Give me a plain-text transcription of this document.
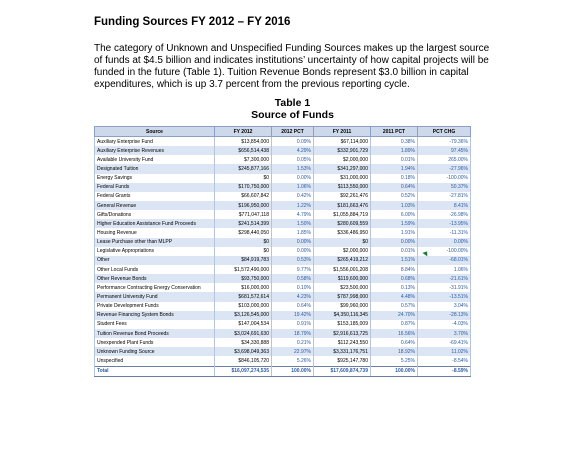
Funding Sources FY 2012 – FY 2016
The category of Unknown and Unspecified Funding Sources makes up the largest source of funds at $4.5 billion and indicates institutions’ uncertainty of how capital projects will be funded in the future (Table 1). Tuition Revenue Bonds represent $3.0 billion in capital expenditures, which is up 3.7 percent from the previous reporting cycle.
Table 1
Source of Funds
Source	FY 2012	2012 PCT	FY 2011	2011 PCT	PCT CHG
Auxiliary Enterprise Fund	$13,854,000	0.09%	$67,114,000	0.38%	-79.36%
Auxiliary Enterprise Revenues	$656,514,438	4.29%	$332,901,729	1.89%	97.45%
Available University Fund	$7,300,000	0.05%	$2,000,000	0.01%	265.00%
Designated Tuition	$245,877,166	1.53%	$341,297,000	1.94%	-27.96%
Energy Savings	$0	0.00%	$31,000,000	0.18%	-100.00%
Federal Funds	$170,750,000	1.06%	$113,550,000	0.64%	50.37%
Federal Grants	$66,607,842	0.42%	$92,261,476	0.52%	-27.81%
General Revenue	$196,950,000	1.22%	$181,663,476	1.03%	8.41%
Gifts/Donations	$771,047,118	4.79%	$1,055,884,719	6.00%	-26.98%
Higher Education Assistance Fund Proceeds	$241,514,399	1.50%	$280,609,559	1.59%	-13.95%
Housing Revenue	$298,440,050	1.85%	$336,486,950	1.91%	-11.31%
Lease Purchase other than MLPP	$0	0.00%	$0	0.00%	0.00%
Legislative Appropriations	$0	0.00%	$2,000,000	0.01%	-100.00%
Other	$84,919,783	0.53%	$265,419,212	1.51%	-68.01%
Other Local Funds	$1,572,490,000	9.77%	$1,556,001,208	8.84%	1.06%
Other Revenue Bonds	$93,750,000	0.58%	$119,600,000	0.68%	-21.61%
Performance Contracting Energy Conservation	$16,000,000	0.10%	$23,500,000	0.13%	-31.91%
Permanent University Fund	$681,572,614	4.23%	$787,998,000	4.48%	-13.51%
Private Development Funds	$103,000,000	0.64%	$99,960,000	0.57%	3.04%
Revenue Financing System Bonds	$3,126,545,000	19.42%	$4,350,116,345	24.70%	-28.13%
Student Fees	$147,004,534	0.91%	$153,185,009	0.87%	-4.03%
Tuition Revenue Bond Proceeds	$3,024,691,630	18.79%	$2,916,613,725	16.56%	3.70%
Unexpended Plant Funds	$34,330,888	0.21%	$112,243,550	0.64%	-69.41%
Unknown Funding Source	$3,698,049,363	22.97%	$3,331,176,751	18.92%	11.02%
Unspecified	$846,105,720	5.26%	$925,147,780	5.25%	-8.54%
Total	$16,097,274,535	100.00%	$17,609,874,739	100.00%	-8.59%
